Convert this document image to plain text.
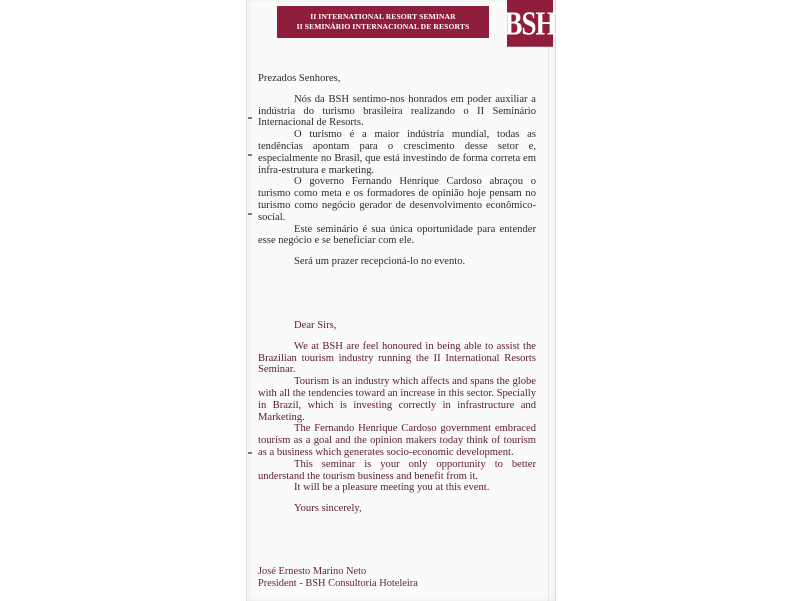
II INTERNATIONAL RESORT SEMINAR
II SEMINÁRIO INTERNACIONAL DE RESORTS	BSH

Prezados Senhores,

Nós da BSH sentimo-nos honrados em poder auxiliar a indústria do turismo brasileira realizando o II Seminário Internacional de Resorts.

O turismo é a maior indústria mundial, todas as tendências apontam para o crescimento desse setor e, especialmente no Brasil, que está investindo de forma correta em infra-estrutura e marketing.

O governo Fernando Henrique Cardoso abraçou o turismo como meta e os formadores de opinião hoje pensam no turismo como negócio gerador de desenvolvimento econômico-social.

Este seminário é sua única oportunidade para entender esse negócio e se beneficiar com ele.

Será um prazer recepcioná-lo no evento.

Dear Sirs,

We at BSH are feel honoured in being able to assist the Brazilian tourism industry running the II International Resorts Seminar.

Tourism is an industry which affects and spans the globe with all the tendencies toward an increase in this sector. Specially in Brazil, which is investing correctly in infrastructure and Marketing.

The Fernando Henrique Cardoso government embraced tourism as a goal and the opinion makers today think of tourism as a business which generates socio-economic development.

This seminar is your only opportunity to better understand the tourism business and benefit from it.

It will be a pleasure meeting you at this event.

Yours sincerely,

José Ernesto Marino Neto
President - BSH Consultoria Hoteleira
